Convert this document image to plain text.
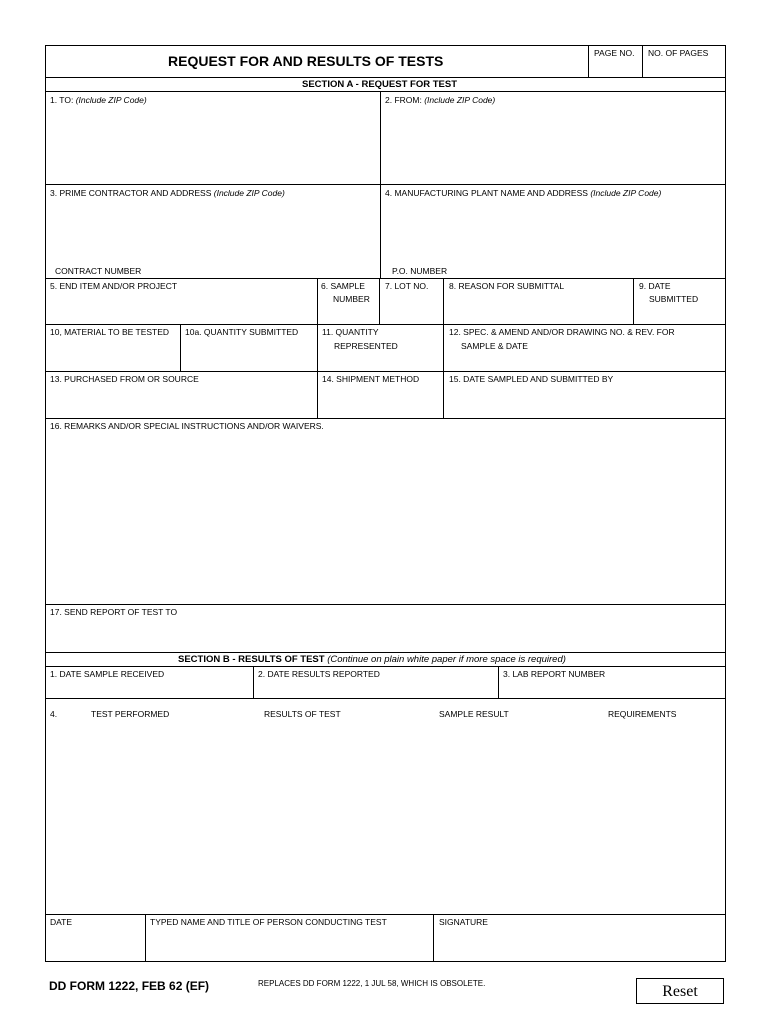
REQUEST FOR AND RESULTS OF TESTS	PAGE NO. NO. OF PAGES
SECTION A - REQUEST FOR TEST
1. TO: (Include ZIP Code)	2. FROM: (Include ZIP Code)
3. PRIME CONTRACTOR AND ADDRESS (Include ZIP Code)	4. MANUFACTURING PLANT NAME AND ADDRESS (Include ZIP Code)
CONTRACT NUMBER	P.O. NUMBER
5. END ITEM AND/OR PROJECT	6. SAMPLE
NUMBER
7. LOT NO. 8. REASON FOR SUBMITTAL	9. DATE
SUBMITTED
10, MATERIAL TO BE TESTED 10a. QUANTITY SUBMITTED	11. QUANTITY
REPRESENTED
12. SPEC. & AMEND AND/OR DRAWING NO. & REV. FOR
SAMPLE & DATE
13. PURCHASED FROM OR SOURCE	14. SHIPMENT METHOD	15. DATE SAMPLED AND SUBMITTED BY
16. REMARKS AND/OR SPECIAL INSTRUCTIONS AND/OR WAIVERS.
17. SEND REPORT OF TEST TO
SECTION B - RESULTS OF TEST (Continue on plain white paper if more space is required)
1. DATE SAMPLE RECEIVED	2. DATE RESULTS REPORTED	3. LAB REPORT NUMBER
4.	TEST PERFORMED	RESULTS OF TEST	SAMPLE RESULT	REQUIREMENTS
DATE	TYPED NAME AND TITLE OF PERSON CONDUCTING TEST	SIGNATURE
DD FORM 1222, FEB 62 (EF)	REPLACES DD FORM 1222, 1 JUL 58, WHICH IS OBSOLETE.	Reset
